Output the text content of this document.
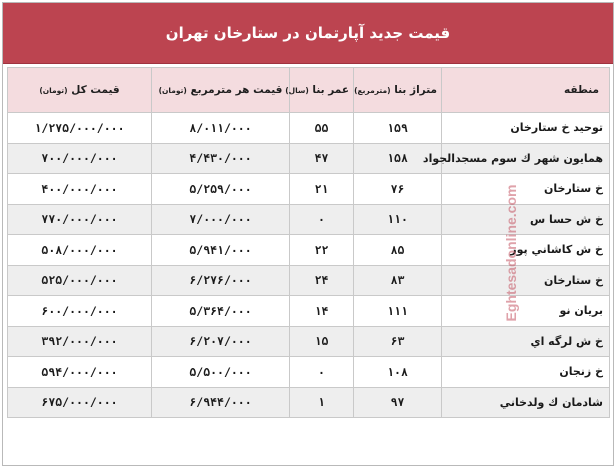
قیمت جدید آپارتمان در ستارخان تهران
منطقه	متراژ بنا (مترمربع)	عمر بنا (سال)	قیمت هر مترمربع (تومان)	قیمت کل (تومان)
توحيد خ ستارخان	۱۵۹	۵۵	۸/۰۱۱/۰۰۰	۱/۲۷۵/۰۰۰/۰۰۰
همايون شهر ك سوم مسجدالجواد	۱۵۸	۴۷	۴/۴۳۰/۰۰۰	۷۰۰/۰۰۰/۰۰۰
خ ستارخان	۷۶	۲۱	۵/۲۵۹/۰۰۰	۴۰۰/۰۰۰/۰۰۰
خ ش حسا س	۱۱۰	۰	۷/۰۰۰/۰۰۰	۷۷۰/۰۰۰/۰۰۰
خ ش كاشاني پور	۸۵	۲۲	۵/۹۴۱/۰۰۰	۵۰۸/۰۰۰/۰۰۰
خ ستارخان	۸۳	۲۴	۶/۲۷۶/۰۰۰	۵۲۵/۰۰۰/۰۰۰
بريان نو	۱۱۱	۱۴	۵/۳۶۴/۰۰۰	۶۰۰/۰۰۰/۰۰۰
خ ش لرگه اي	۶۳	۱۵	۶/۲۰۷/۰۰۰	۳۹۲/۰۰۰/۰۰۰
خ زنجان	۱۰۸	۰	۵/۵۰۰/۰۰۰	۵۹۴/۰۰۰/۰۰۰
شادمان ك ولدخاني	۹۷	۱	۶/۹۴۴/۰۰۰	۶۷۵/۰۰۰/۰۰۰
Eghtesadonline.com
